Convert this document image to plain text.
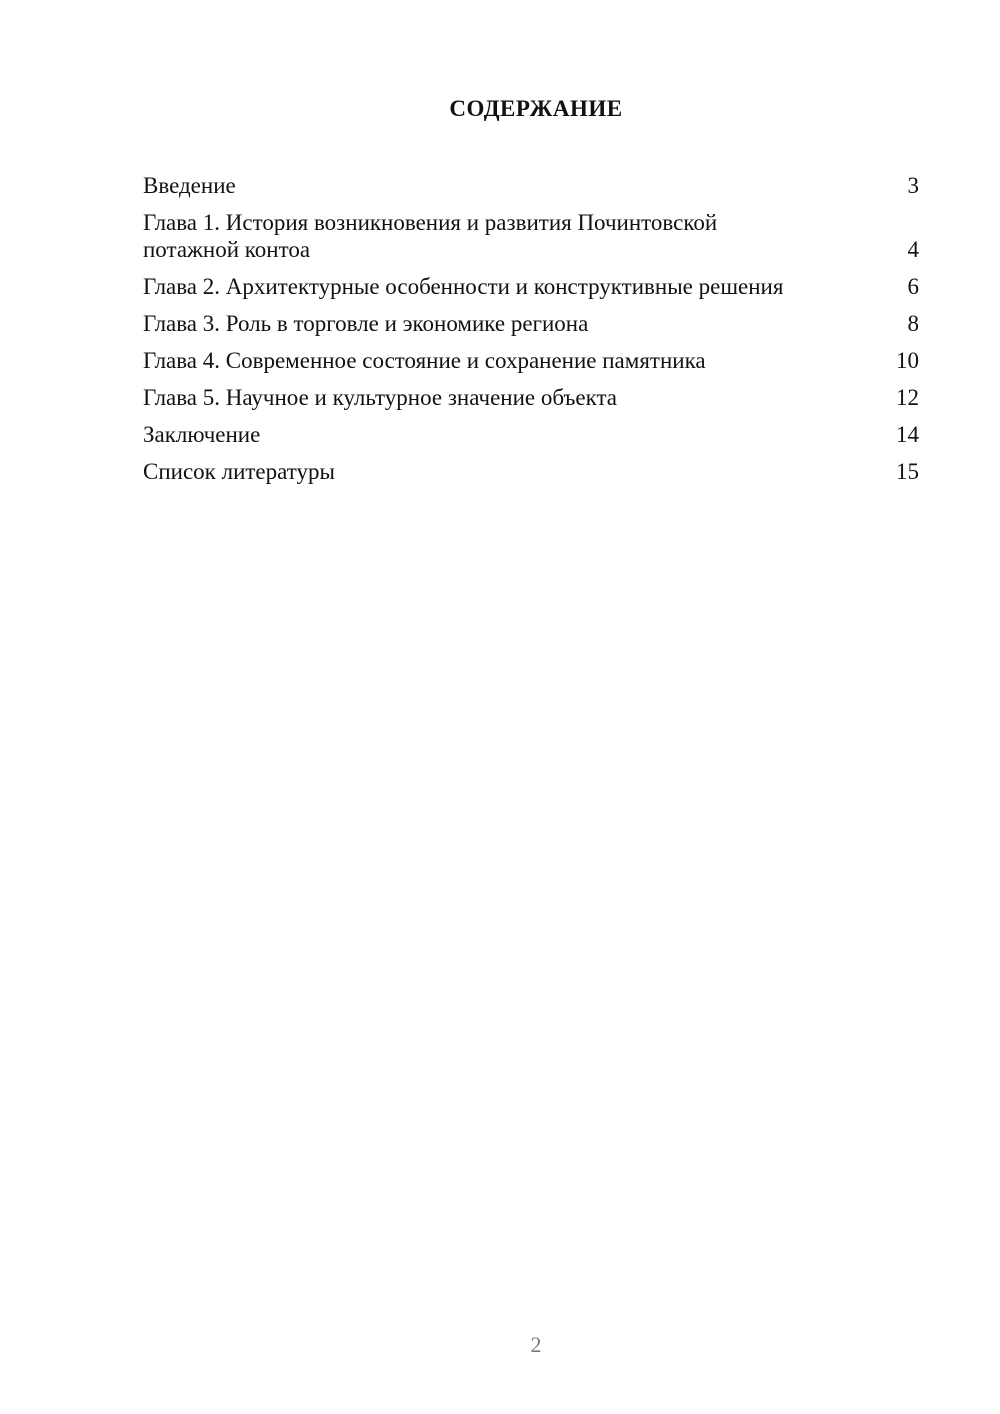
СОДЕРЖАНИЕ
Введение	3
Глава 1. История возникновения и развития Починтовской потажной контоа	4
Глава 2. Архитектурные особенности и конструктивные решения	6
Глава 3. Роль в торговле и экономике региона	8
Глава 4. Современное состояние и сохранение памятника	10
Глава 5. Научное и культурное значение объекта	12
Заключение	14
Список литературы	15
2
